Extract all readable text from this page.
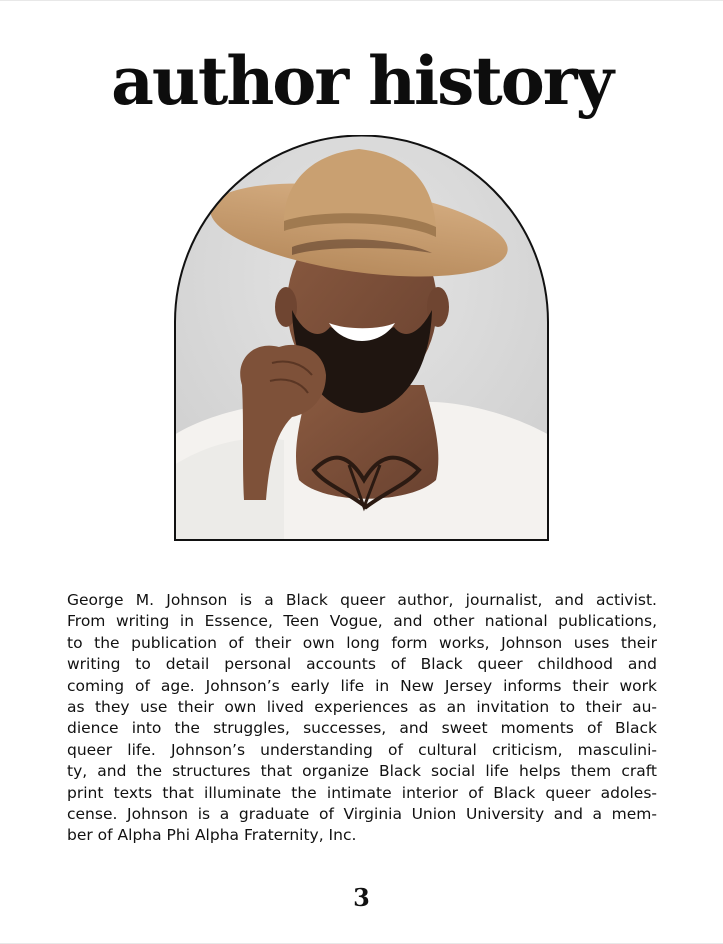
author history

George M. Johnson is a Black queer author, journalist, and activist.
From writing in Essence, Teen Vogue, and other national publications,
to the publication of their own long form works, Johnson uses their
writing to detail personal accounts of Black queer childhood and
coming of age. Johnson’s early life in New Jersey informs their work
as they use their own lived experiences as an invitation to their au-
dience into the struggles, successes, and sweet moments of Black
queer life. Johnson’s understanding of cultural criticism, masculini-
ty, and the structures that organize Black social life helps them craft
print texts that illuminate the intimate interior of Black queer adoles-
cense. Johnson is a graduate of Virginia Union University and a mem-
ber of Alpha Phi Alpha Fraternity, Inc.

3
